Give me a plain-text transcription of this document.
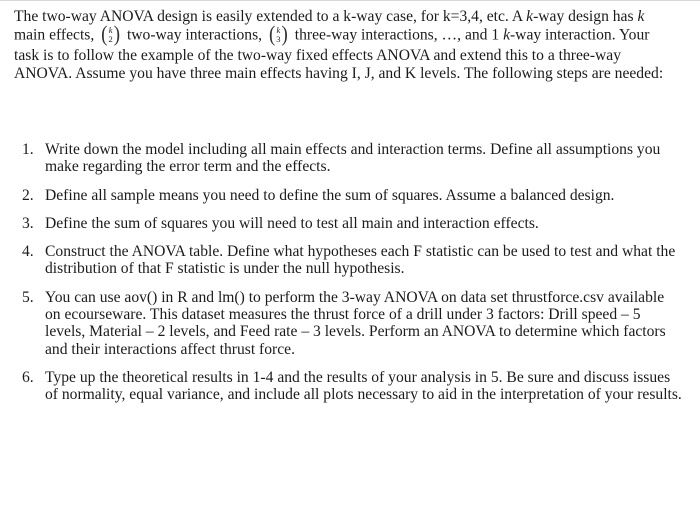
The two-way ANOVA design is easily extended to a k-way case, for k=3,4, etc. A k-way design has k main effects, ( k
2 ) two-way interactions, ( k
3 ) three-way interactions, …, and 1 k-way interaction. Your task is to follow the example of the two-way fixed effects ANOVA and extend this to a three-way ANOVA. Assume you have three main effects having I, J, and K levels. The following steps are needed:

1. Write down the model including all main effects and interaction terms. Define all assumptions you make regarding the error term and the effects.
2. Define all sample means you need to define the sum of squares. Assume a balanced design.
3. Define the sum of squares you will need to test all main and interaction effects.
4. Construct the ANOVA table. Define what hypotheses each F statistic can be used to test and what the distribution of that F statistic is under the null hypothesis.
5. You can use aov() in R and lm() to perform the 3-way ANOVA on data set thrustforce.csv available on ecourseware. This dataset measures the thrust force of a drill under 3 factors: Drill speed – 5 levels, Material – 2 levels, and Feed rate – 3 levels. Perform an ANOVA to determine which factors and their interactions affect thrust force.
6. Type up the theoretical results in 1-4 and the results of your analysis in 5. Be sure and discuss issues of normality, equal variance, and include all plots necessary to aid in the interpretation of your results.
